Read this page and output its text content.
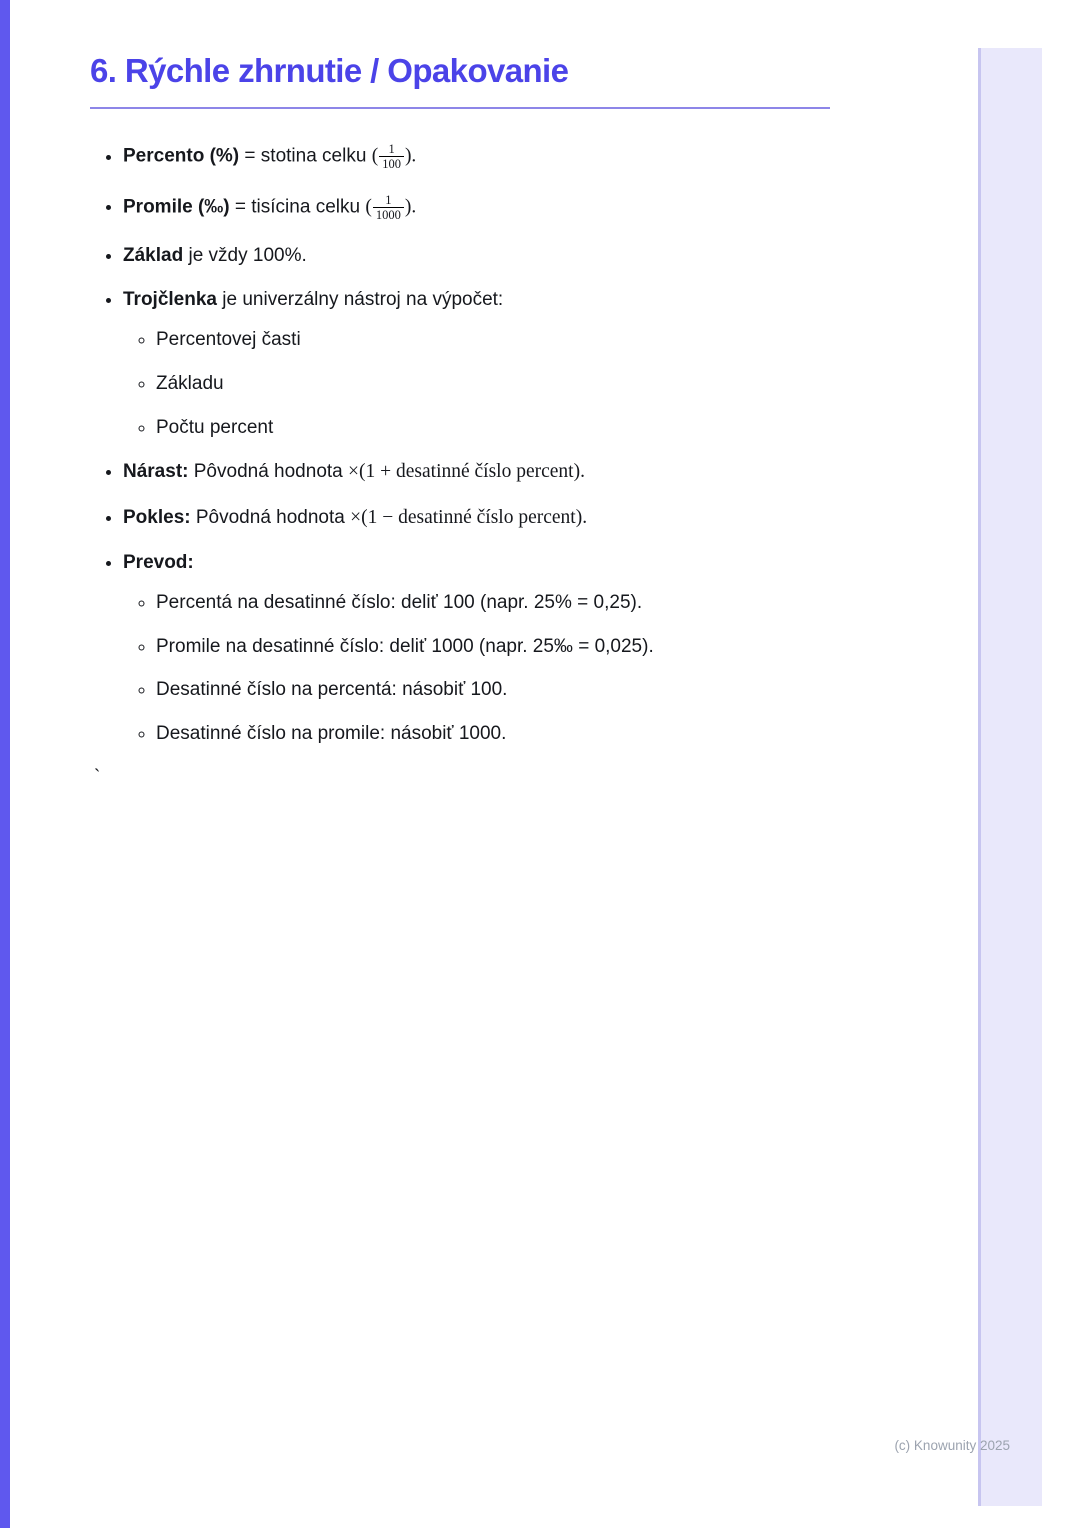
6. Rýchle zhrnutie / Opakovanie
• Percento (%) = stotina celku ( $\frac{1}{100}$ ).
• Promile (‰) = tisícina celku ( $\frac{1}{1000}$ ).
• Základ je vždy 100%.
• Trojčlenka je univerzálny nástroj na výpočet:
◦ Percentovej časti
◦ Základu
◦ Počtu percent
• Nárast: Pôvodná hodnota ×(1 + desatinné číslo percent).
• Pokles: Pôvodná hodnota ×(1 − desatinné číslo percent).
• Prevod:
◦ Percentá na desatinné číslo: deliť 100 (napr. 25% = 0,25).
◦ Promile na desatinné číslo: deliť 1000 (napr. 25‰ = 0,025).
◦ Desatinné číslo na percentá: násobiť 100.
◦ Desatinné číslo na promile: násobiť 1000.
`
(c) Knowunity 2025
